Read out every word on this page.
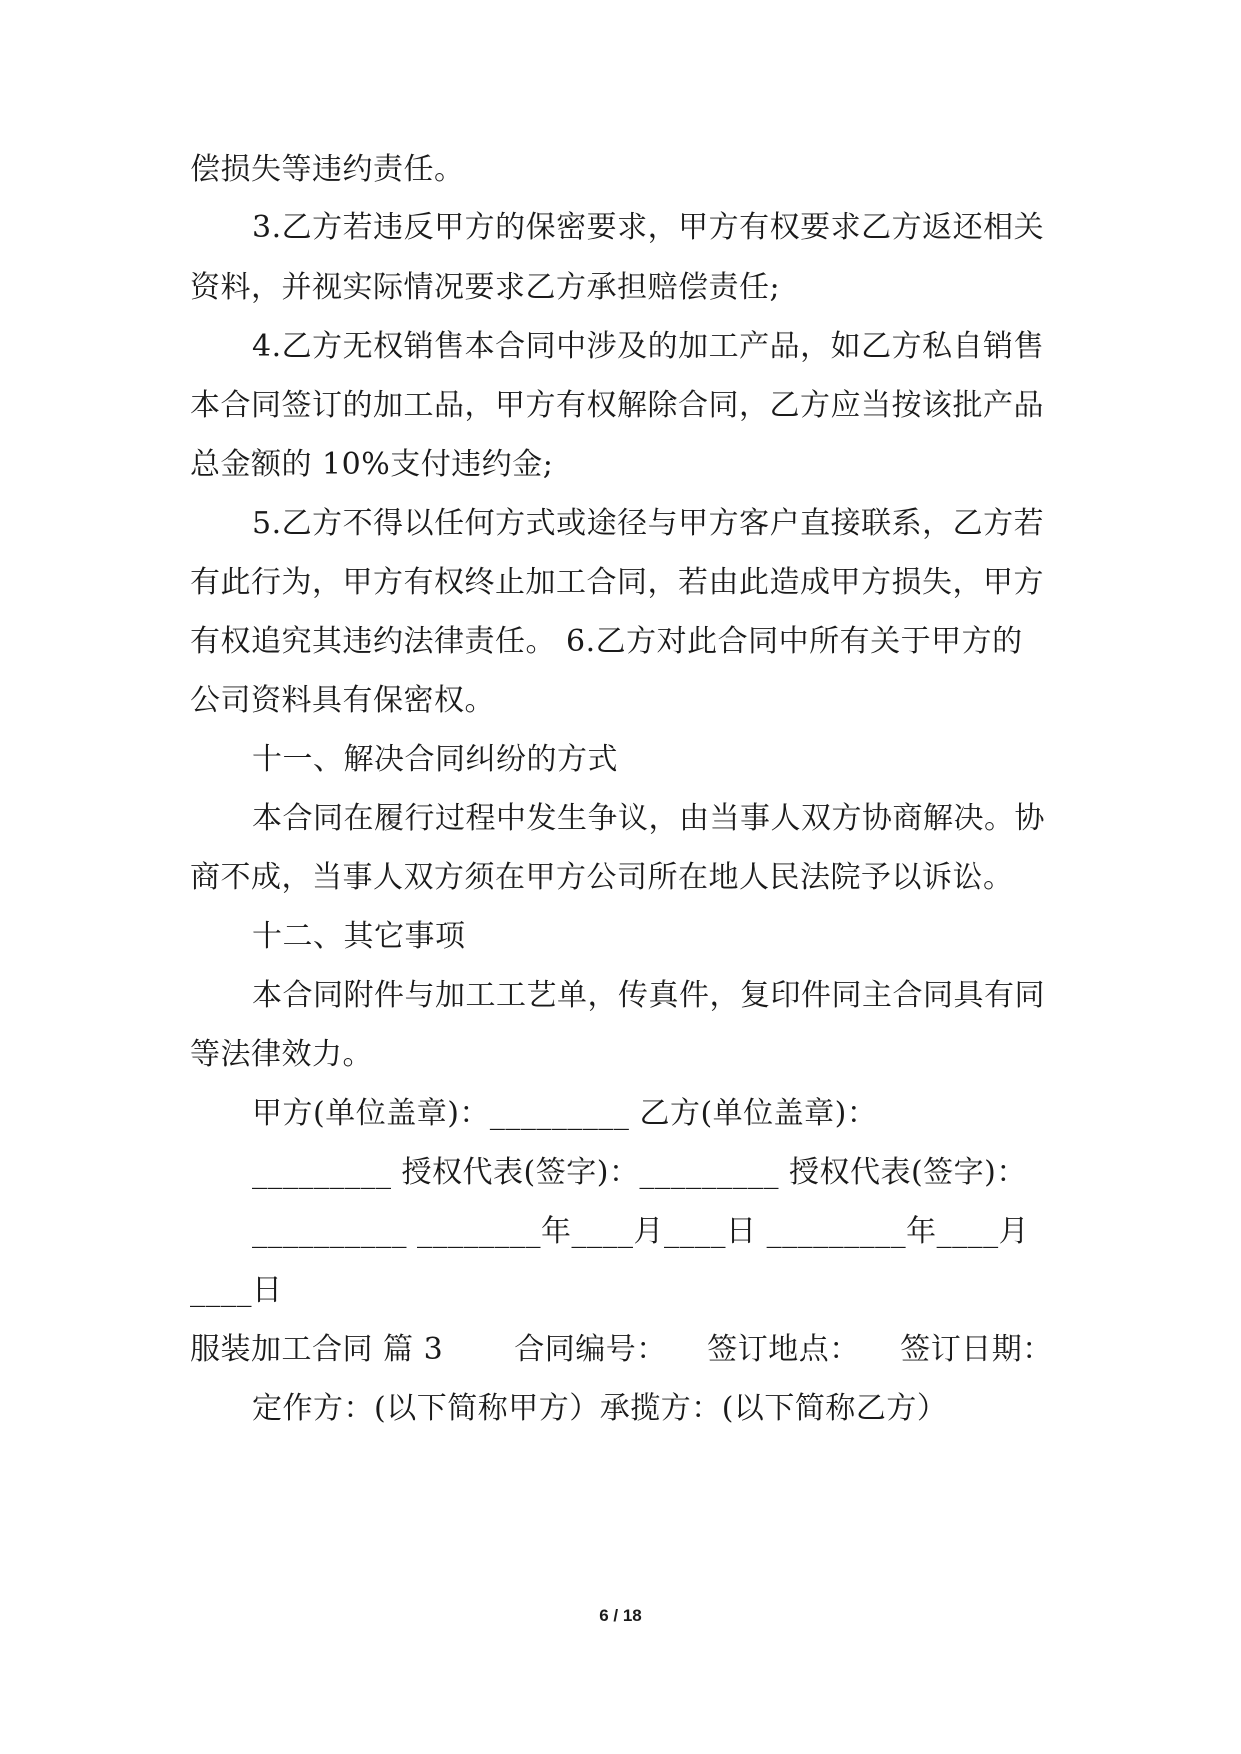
偿损失等违约责任。
3.乙方若违反甲方的保密要求，甲方有权要求乙方返还相关
资料，并视实际情况要求乙方承担赔偿责任;
4.乙方无权销售本合同中涉及的加工产品，如乙方私自销售
本合同签订的加工品，甲方有权解除合同，乙方应当按该批产品
总金额的 10%支付违约金;
5.乙方不得以任何方式或途径与甲方客户直接联系，乙方若
有此行为，甲方有权终止加工合同，若由此造成甲方损失，甲方
有权追究其违约法律责任。 6.乙方对此合同中所有关于甲方的
公司资料具有保密权。
十一、解决合同纠纷的方式
本合同在履行过程中发生争议，由当事人双方协商解决。协
商不成，当事人双方须在甲方公司所在地人民法院予以诉讼。
十二、其它事项
本合同附件与加工工艺单，传真件，复印件同主合同具有同
等法律效力。
甲方(单位盖章)：_________ 乙方(单位盖章)：
_________ 授权代表(签字)：_________ 授权代表(签字)：
__________ ________年____月____日 _________年____月
____日
服装加工合同 篇 3 　　合同编号： 　签订地点： 　签订日期：
定作方：(以下简称甲方）承揽方：(以下简称乙方）
6 / 18
